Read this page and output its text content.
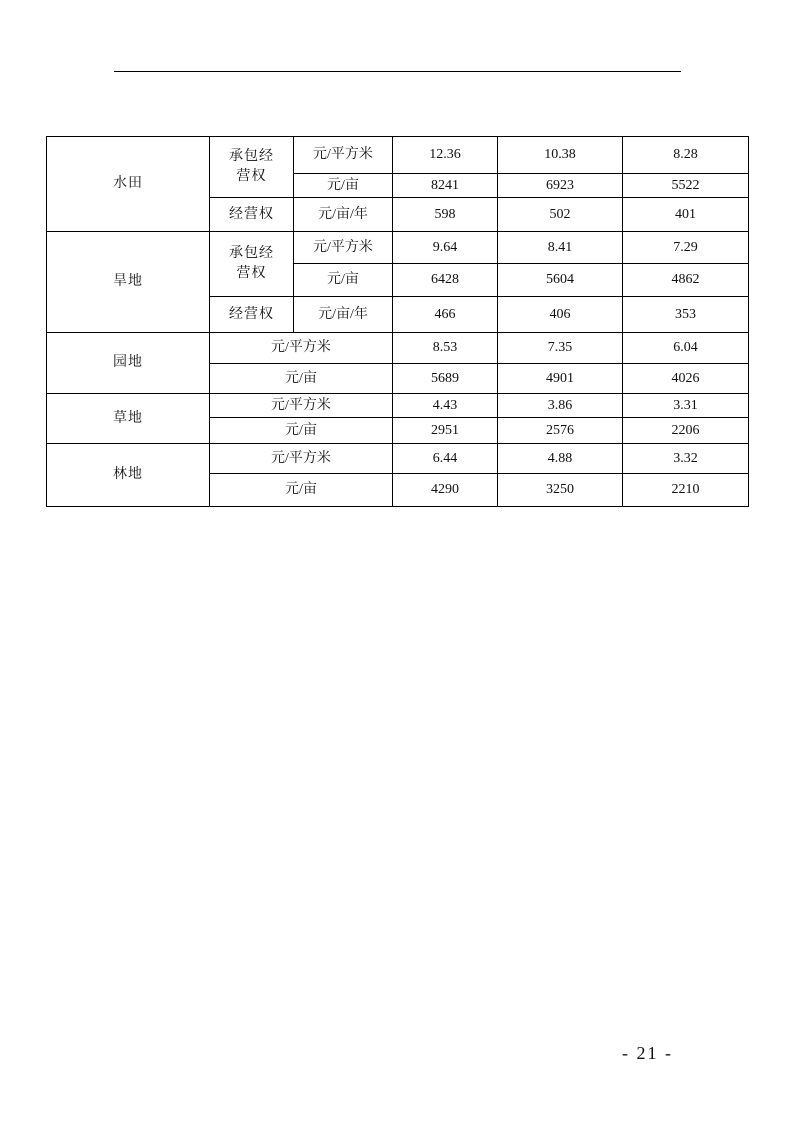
水田	承包经
营权	元/平方米	12.36	10.38	8.28
		元/亩	8241	6923	5522
	经营权	元/亩/年	598	502	401
旱地	承包经
营权	元/平方米	9.64	8.41	7.29
		元/亩	6428	5604	4862
	经营权	元/亩/年	466	406	353
园地	元/平方米		8.53	7.35	6.04
	元/亩		5689	4901	4026
草地	元/平方米		4.43	3.86	3.31
	元/亩		2951	2576	2206
林地	元/平方米		6.44	4.88	3.32
	元/亩		4290	3250	2210
- 21 -
